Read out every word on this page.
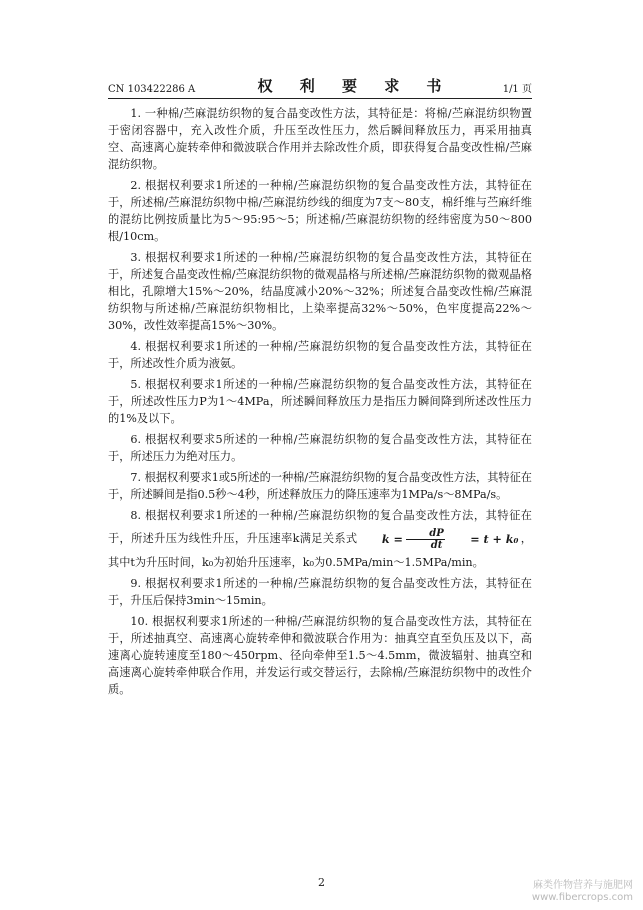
CN 103422286 A	权 利 要 求 书	1/1 页

1. 一种棉/苎麻混纺织物的复合晶变改性方法，其特征是：将棉/苎麻混纺织物置于密闭容器中，充入改性介质，升压至改性压力，然后瞬间释放压力，再采用抽真空、高速离心旋转牵伸和微波联合作用并去除改性介质，即获得复合晶变改性棉/苎麻混纺织物。

2. 根据权利要求1所述的一种棉/苎麻混纺织物的复合晶变改性方法，其特征在于，所述棉/苎麻混纺织物中棉/苎麻混纺纱线的细度为7支～80支，棉纤维与苎麻纤维的混纺比例按质量比为5～95:95～5；所述棉/苎麻混纺织物的经纬密度为50～800根/10cm。

3. 根据权利要求1所述的一种棉/苎麻混纺织物的复合晶变改性方法，其特征在于，所述复合晶变改性棉/苎麻混纺织物的微观晶格与所述棉/苎麻混纺织物的微观晶格相比，孔隙增大15%～20%，结晶度减小20%～32%；所述复合晶变改性棉/苎麻混纺织物与所述棉/苎麻混纺织物相比，上染率提高32%～50%，色牢度提高22%～30%，改性效率提高15%～30%。

4. 根据权利要求1所述的一种棉/苎麻混纺织物的复合晶变改性方法，其特征在于，所述改性介质为液氨。

5. 根据权利要求1所述的一种棉/苎麻混纺织物的复合晶变改性方法，其特征在于，所述改性压力P为1～4MPa，所述瞬间释放压力是指压力瞬间降到所述改性压力的1%及以下。

6. 根据权利要求5所述的一种棉/苎麻混纺织物的复合晶变改性方法，其特征在于，所述压力为绝对压力。

7. 根据权利要求1或5所述的一种棉/苎麻混纺织物的复合晶变改性方法，其特征在于，所述瞬间是指0.5秒～4秒，所述释放压力的降压速率为1MPa/s～8MPa/s。

8. 根据权利要求1所述的一种棉/苎麻混纺织物的复合晶变改性方法，其特征在于，所述升压为线性升压，升压速率k满足关系式	$k = \frac{dP}{dt}$	= t + k₀ ，其中t为升压时间，k₀为初始升压速率，k₀为0.5MPa/min～1.5MPa/min。

9. 根据权利要求1所述的一种棉/苎麻混纺织物的复合晶变改性方法，其特征在于，升压后保持3min～15min。

10. 根据权利要求1所述的一种棉/苎麻混纺织物的复合晶变改性方法，其特征在于，所述抽真空、高速离心旋转牵伸和微波联合作用为：抽真空直至负压及以下，高速离心旋转速度至180～450rpm、径向牵伸至1.5～4.5mm，微波辐射、抽真空和高速离心旋转牵伸联合作用，并发运行或交替运行，去除棉/苎麻混纺织物中的改性介质。

2	麻类作物营养与施肥网
www.fibercrops.com
